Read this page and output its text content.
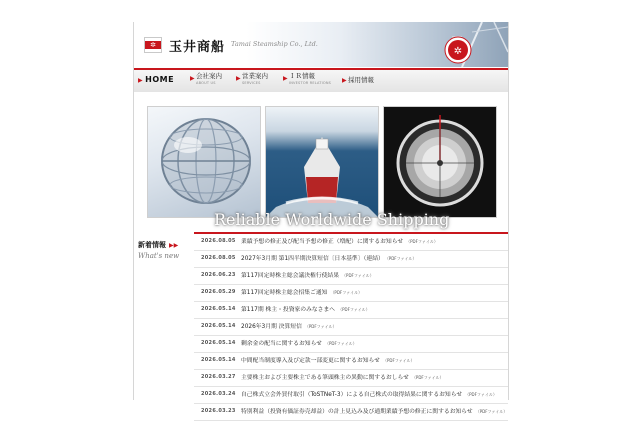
✲ 玉井商船 Tamai Steamship Co., Ltd.
✲
▶ HOME	▶ 会社案内
ABOUT US
▶ 営業案内
SERVICES
▶ ＩＲ情報
INVESTOR RELATIONS ▶ 採用情報
Reliable Worldwide Shipping
新着情報 ▶▶
What's new
2026.08.05 業績予想の修正及び配当予想の修正（増配）に関するお知らせ （PDFファイル）
2026.08.05 2027年3月期 第1四半期決算短信〔日本基準〕（連結） （PDFファイル）
2026.06.23 第117回定時株主総会議決権行使結果 （PDFファイル）
2026.05.29 第117回定時株主総会招集ご通知 （PDFファイル）
2026.05.14 第117期 株主・投資家のみなさまへ （PDFファイル）
2026.05.14 2026年3月期 決算短信 （PDFファイル）
2026.05.14 剰余金の配当に関するお知らせ （PDFファイル）
2026.05.14 中間配当制度導入及び定款一部変更に関するお知らせ （PDFファイル）
2026.03.27 主要株主および主要株主である筆頭株主の異動に関するおしらせ （PDFファイル）
2026.03.24 自己株式立会外買付取引（ToSTNeT-3）による自己株式の取得結果に関するお知らせ （PDFファイル）
2026.03.23 特別利益（投資有価証券売却益）の計上見込み及び通期業績予想の修正に関するお知らせ （PDFファイル）
